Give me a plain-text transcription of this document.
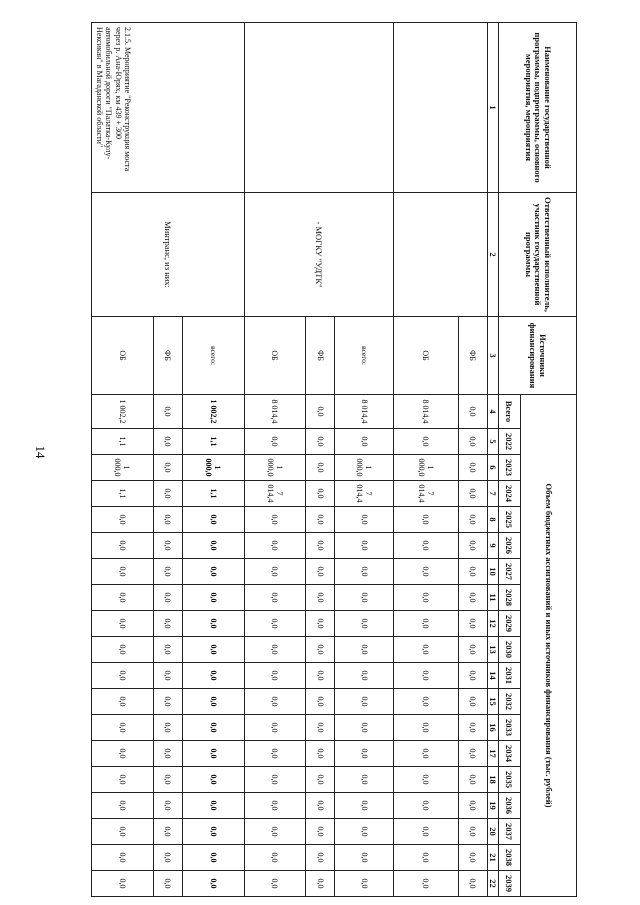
14
Наименование государственной программы, подпрограммы, основного мероприятия, мероприятия	Ответственный исполнитель, участник государственной программы	Источники финансирования	Объем бюджетных ассигнований и иных источников финансирования (тыс. рублей)																		
			Всего	2022	2023	2024	2025	2026	2027	2028	2029	2030	2031	2032	2033	2034	2035	2036	2037	2038	2039
1	2	3	4	5	6	7	8	9	10	11	12	13	14	15	16	17	18	19	20	21	22
		ФБ	0,0	0,0	0,0	0,0	0,0	0,0	0,0	0,0	0,0	0,0	0,0	0,0	0,0	0,0	0,0	0,0	0,0	0,0	0,0
		ОБ	8 014,4	0,0	1 000,0	7 014,4	0,0	0,0	0,0	0,0	0,0	0,0	0,0	0,0	0,0	0,0	0,0	0,0	0,0	0,0	0,0
	- МОГКУ "УДТК"	всего:	8 014,4	0,0	1 000,0	7 014,4	0,0	0,0	0,0	0,0	0,0	0,0	0,0	0,0	0,0	0,0	0,0	0,0	0,0	0,0	0,0
		ФБ	0,0	0,0	0,0	0,0	0,0	0,0	0,0	0,0	0,0	0,0	0,0	0,0	0,0	0,0	0,0	0,0	0,0	0,0	0,0
		ОБ	8 014,4	0,0	1 000,0	7 014,4	0,0	0,0	0,0	0,0	0,0	0,0	0,0	0,0	0,0	0,0	0,0	0,0	0,0	0,0	0,0
2.1.5. Мероприятие "Реконструкция моста через р. Ана-Юрях, км 439 + 300 автомобильной дороги "Палатка-Кулу-Нексикан" в Магаданской области"	Минтранс, из них:	всего:	1 002,2	1,1	1 000,0	1,1	0,0	0,0	0,0	0,0	0,0	0,0	0,0	0,0	0,0	0,0	0,0	0,0	0,0	0,0	0,0
		ФБ	0,0	0,0	0,0	0,0	0,0	0,0	0,0	0,0	0,0	0,0	0,0	0,0	0,0	0,0	0,0	0,0	0,0	0,0	0,0
		ОБ	1 002,2	1,1	1 000,0	1,1	0,0	0,0	0,0	0,0	0,0	0,0	0,0	0,0	0,0	0,0	0,0	0,0	0,0	0,0	0,0
